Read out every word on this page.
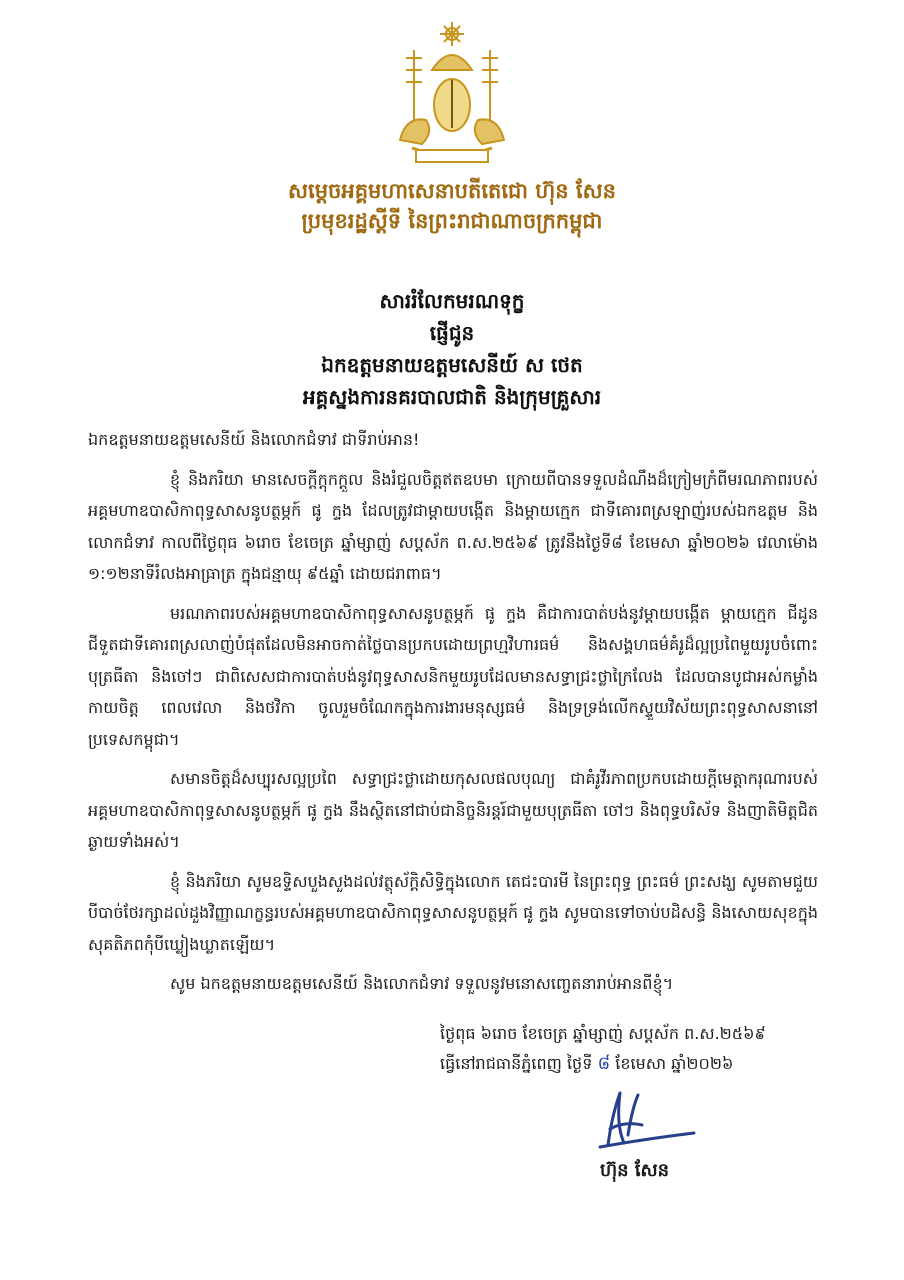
សម្ដេចអគ្គមហាសេនាបតីតេជោ ហ៊ុន សែន
ប្រមុខរដ្ឋស្ដីទី នៃព្រះរាជាណាចក្រកម្ពុជា
សាររំលែកមរណទុក្ខ
ផ្ញើជូន
ឯកឧត្តមនាយឧត្តមសេនីយ៍ ស ថេត
អគ្គស្នងការនគរបាលជាតិ និងក្រុមគ្រួសារ

ឯកឧត្តមនាយឧត្តមសេនីយ៍ និងលោកជំទាវ ជាទីរាប់អាន!

ខ្ញុំ និងភរិយា មានសេចក្ដីក្ដុកក្ដួល និងរំជួលចិត្តឥតឧបមា ក្រោយពីបានទទួលដំណឹងដ៏ក្រៀមក្រំពីមរណភាពរបស់អគ្គមហាឧបាសិកាពុទ្ធសាសនូបត្ថម្ភក៍ ផូ ក្ទង ដែលត្រូវជាម្ដាយបង្កើត និងម្ដាយក្មេក ជាទីគោរពស្រឡាញ់របស់ឯកឧត្តម និងលោកជំទាវ កាលពីថ្ងៃពុធ ៦រោច ខែចេត្រ ឆ្នាំម្សាញ់ សប្តស័ក ព.ស.២៥៦៩ ត្រូវនឹងថ្ងៃទី៨ ខែមេសា ឆ្នាំ២០២៦ វេលាម៉ោង ១:១២នាទីរំលងអាធ្រាត្រ ក្នុងជន្មាយុ ៩៥ឆ្នាំ ដោយជរាពាធ។

មរណភាពរបស់អគ្គមហាឧបាសិកាពុទ្ធសាសនូបត្ថម្ភក៍ ផូ ក្ទង គឺជាការបាត់បង់នូវម្ដាយបង្កើត ម្ដាយក្មេក ជីដូន ជីទួតជាទីគោរពស្រលាញ់បំផុតដែលមិនអាចកាត់ថ្លៃបានប្រកបដោយព្រហ្មវិហារធម៌ និងសង្គហធម៌គំរូដ៏ល្អប្រពៃមួយរូបចំពោះបុត្រធីតា និងចៅៗ ជាពិសេសជាការបាត់បង់នូវពុទ្ធសាសនិកមួយរូបដែលមានសទ្ធាជ្រះថ្លាក្រៃលែង ដែលបានបូជាអស់កម្លាំងកាយចិត្ត ពេលវេលា និងថវិកា ចូលរួមចំណែកក្នុងការងារមនុស្សធម៌ និងទ្រទ្រង់លើកស្ទួយវិស័យព្រះពុទ្ធសាសនានៅប្រទេសកម្ពុជា។

សមានចិត្តដ៏សប្បុរសល្អប្រពៃ សទ្ធាជ្រះថ្លាដោយកុសលផលបុណ្យ ជាគំរូវីរភាពប្រកបដោយក្ដីមេត្តាករុណារបស់អគ្គមហាឧបាសិកាពុទ្ធសាសនូបត្ថម្ភក៍ ផូ ក្ទង នឹងស្ថិតនៅជាប់ជានិច្ចនិរន្តរ៍ជាមួយបុត្រធីតា ចៅៗ និងពុទ្ធបរិស័ទ និងញាតិមិត្តជិតឆ្ងាយទាំងអស់។

ខ្ញុំ និងភរិយា សូមឧទ្ទិសបួងសួងដល់វត្ថុស័ក្តិសិទ្ធិក្នុងលោក តេជះបារមី នៃព្រះពុទ្ធ ព្រះធម៌ ព្រះសង្ឃ សូមតាមជួយបីបាច់ថែរក្សាដល់ដួងវិញ្ញាណក្ខន្ធរបស់អគ្គមហាឧបាសិកាពុទ្ធសាសនូបត្ថម្ភក៍ ផូ ក្ទង សូមបានទៅចាប់បដិសន្ធិ និងសោយសុខក្នុងសុគតិភពកុំបីឃ្លៀងឃ្លាតឡើយ។

សូម ឯកឧត្តមនាយឧត្តមសេនីយ៍ និងលោកជំទាវ ទទួលនូវមនោសញ្ចេតនារាប់អានពីខ្ញុំ។

ថ្ងៃពុធ ៦រោច ខែចេត្រ ឆ្នាំម្សាញ់ សប្តស័ក ព.ស.២៥៦៩
ធ្វើនៅរាជធានីភ្នំពេញ ថ្ងៃទី ៨ ខែមេសា ឆ្នាំ២០២៦
ហ៊ុន សែន
